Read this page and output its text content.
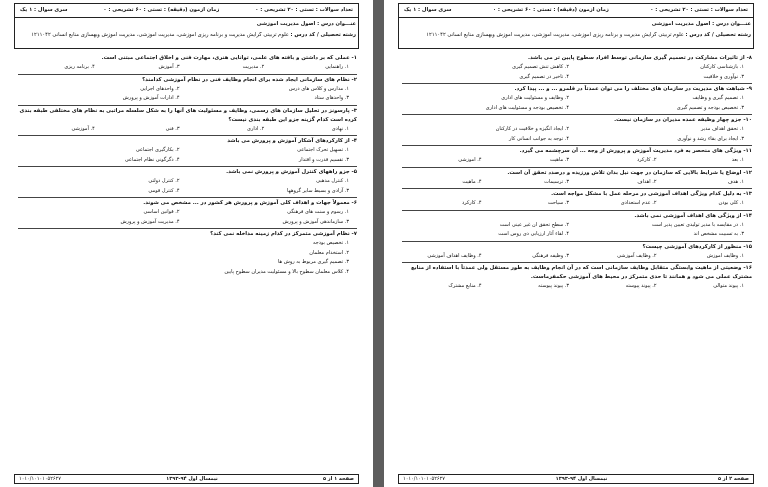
تعداد سوالات : تستی : ۲۰ تشریحی : ۰
زمان آزمون (دقیقه) : تستی : ۶۰ تشریحی : ۰
سری سوال : ۱ یک
عنـــوان درس : اصول مدیریت آموزشی
رشته تحصیلی / کد درس : علوم تربیتی گرایش مدیریت و برنامه ریزی آموزشی، مدیریت آموزشی، مدیریت آموزش وبهسازی منابع انسانی ۱۲۱۱۰۴۲
۱- عملی که بر داشتن و بافته های علمی، توانایی هنری، مهارت فنی و اخلاق اجتماعی مبتنی است.
۱. راهنمایی
۲. مدیریت
۳. آموزش
۴. برنامه ریزی
۲- نظام های سازمانی ایجاد شده برای انجام وظایف فنی در نظام آموزشی کدامند؟
۱. مدارس و کلاس های درس
۲. واحدهای اجرایی
۳. واحدهای ستاد
۴. ادارات آموزش و پرورش
۳- پارسونز در تحلیل سازمان های رسمی، وظایف و مسئولیت های آنها را به شکل سلسله مراتبی به نظام های مختلفی طبقه بندی کرده است کدام گزینه جزو این طبقه بندی نیست؟
۱. نهادی
۲. اداری
۳. فنی
۴. آموزشی
۴- از کارکردهای آشکار آموزش و پرورش می باشد
۱. تسهیل تحرک اجتماعی
۲. بکارگیری اجتماعی
۳. تقسیم قدرت و اقتدار
۴. دگرگونی نظام اجتماعی
۵- جزو راههای کنترل آموزش و پرورش نمی باشد.
۱. کنترل مذهبی
۲. کنترل دولتی
۳. آزادی و بسیط سایر گروهها
۴. کنترل قومی
۶- معمولاً جهات و اهداف کلی آموزش و پرورش هر کشور در ... مشخص می شوند.
۱. رسوم و سنت های فرهنگی
۲. قوانین اساسی
۳. سازماندهی آموزش و پرورش
۴. مدیریت آموزش و پرورش
۷- نظام آموزشی متمرکز در کدام زمینه مداخله نمی کند؟
۱. تخصیص بودجه
۲. استخدام معلمان
۳. تصمیم گیری مربوط به روش ها
۴. کلاس معلمان سطوح بالا و مسئولیت مدیران سطوح پایین
صفحه ۱ از ۵
نیمسال اول ۹۴-۱۳۹۳
۱۰۱۰/۱۰۱۰۱۰۵۲۶۲۷
تعداد سوالات : تستی : ۲۰ تشریحی : ۰
زمان آزمون (دقیقه) : تستی : ۶۰ تشریحی : ۰
سری سوال : ۱ یک
عنـــوان درس : اصول مدیریت آموزشی
رشته تحصیلی / کد درس : علوم تربیتی گرایش مدیریت و برنامه ریزی آموزشی، مدیریت آموزشی، مدیریت آموزش وبهسازی منابع انسانی ۱۲۱۱۰۴۲
۸- از تاثیرات مشارکت در تصمیم گیری سازمانی توسط افراد سطوح پایین تر می باشد.
۱. بازشناسی کارکنان
۲. کاهش تنش تصمیم گیری
۳. نوآوری و خلاقیت
۴. تاخیر در تصمیم گیری
۹- شباهت های مدیریت در سازمان های مختلف را می توان عمدتاً در قلمرو ... و ... پیدا کرد.
۱. تصمیم گیری و وظایف
۲. وظایف و مسئولیت های اداری
۳. تخصیص بودجه و تصمیم گیری
۴. تخصیص بودجه و مسئولیت های اداری
۱۰- جزو چهار وظیفه عمده مدیران در سازمان نیست.
۱. تحقق اهداف مدیر
۲. ایجاد انگیزه و خلاقیت در کارکنان
۳. ایجاد برای بقاء رشد و نوآوری
۴. توجه به جوانب انسانی کار
۱۱- ویژگی های منحصر به فرد مدیریت آموزش و پرورش از وجه ... آن سرچشمه می گیرد.
۱. بعد
۲. کارکرد
۳. ماهیت
۴. اموزشی
۱۲- اوضاع یا شرایط بالایی که سازمان در جهت نیل بدان تلاش ورزیده و درصدد تحقق آن است.
۱. هدف
۲. اهداف
۳. ترسیمات
۴. ماهیت
۱۳- به دلیل کدام ویژگی اهداف آموزشی در مرحله عمل با مشکل مواجه است.
۱. کلی بودن
۲. عدم استعدادی
۳. سیاحت
۴. کارکرد
۱۴- از ویژگی های اهداف آموزشی نمی باشد.
۱. در مقایسه با مدیر تولیدی تعیین پذیر است
۲. سطح تحقق ان غیر عینی است
۳. به تسبیت مشخص اند
۴. لقاء آثار ارزیابی ذی روس است
۱۵- منظور از کارکردهای آموزشی چیست؟
۱. وظایف اموزش
۲. وظایف آموزشی
۳. وظیفه فرهنگی
۴. وظایف اهداف آموزشی
۱۶- وضعیتی از ماهیت وابستگی متقابل وظایف سازمانی است که در آن انجام وظایف به طور مستقل ولی عمدتاً با استفاده از منابع مشترک عملی می شود و همانند تا حدی متمرکز در محیط های آموزشی حکمفرماست.
۱. پیوند متوالی
۲. پیوند پیوسته
۳. پیوند پیوسته
۴. منابع مشترک
صفحه ۲ از ۵
نیمسال اول ۹۴-۱۳۹۳
۱۰۱۰/۱۰۱۰۱۰۵۲۶۲۷
